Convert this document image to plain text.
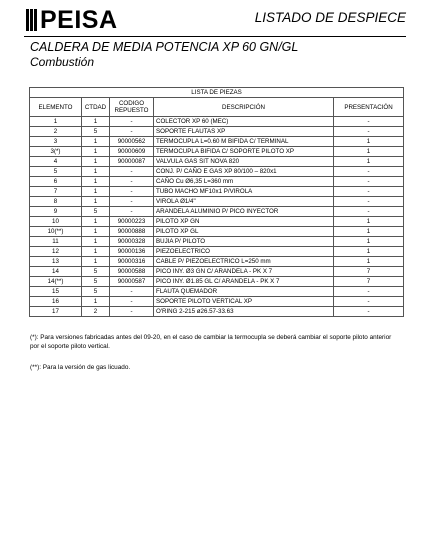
PEISA	LISTADO DE DESPIECE
CALDERA DE MEDIA POTENCIA XP 60 GN/GL
Combustión
LISTA DE PIEZAS				
ELEMENTO	CTDAD	CODIGO REPUESTO	DESCRIPCIÓN	PRESENTACIÓN
1	1	-	COLECTOR XP 60 (MEC)	-
2	5	-	SOPORTE FLAUTAS XP	-
3	1	90000562	TERMOCUPLA L=0.60 M BIFIDA C/ TERMINAL	1
3(*)	1	90000609	TERMOCUPLA BIFIDA C/ SOPORTE PILOTO XP	1
4	1	90000087	VALVULA GAS SIT NOVA 820	1
5	1	-	CONJ. P/ CAÑO E GAS XP 80/100 – 820x1	-
6	1	-	CAÑO Cu Ø6,35 L=360 mm	-
7	1	-	TUBO MACHO MF10x1 P/VIROLA	-
8	1	-	VIROLA Ø1/4"	-
9	5	-	ARANDELA ALUMINIO P/ PICO INYECTOR	-
10	1	90000223	PILOTO XP GN	1
10(**)	1	90000888	PILOTO XP GL	1
11	1	90000328	BUJIA P/ PILOTO	1
12	1	90000136	PIEZOELECTRICO	1
13	1	90000316	CABLE P/ PIEZOELECTRICO L=250 mm	1
14	5	90000588	PICO INY. Ø3 GN C/ ARANDELA - PK X 7	7
14(**)	5	90000587	PICO INY. Ø1.85 GL C/ ARANDELA - PK X 7	7
15	5	-	FLAUTA QUEMADOR	-
16	1	-	SOPORTE PILOTO VERTICAL XP	-
17	2	-	O'RING 2-215 ø26.57-33.63	-

(*): Para versiones fabricadas antes del 09-20, en el caso de cambiar la termocupla se deberá cambiar el soporte piloto anterior por el soporte piloto vertical.

(**): Para la versión de gas licuado.
